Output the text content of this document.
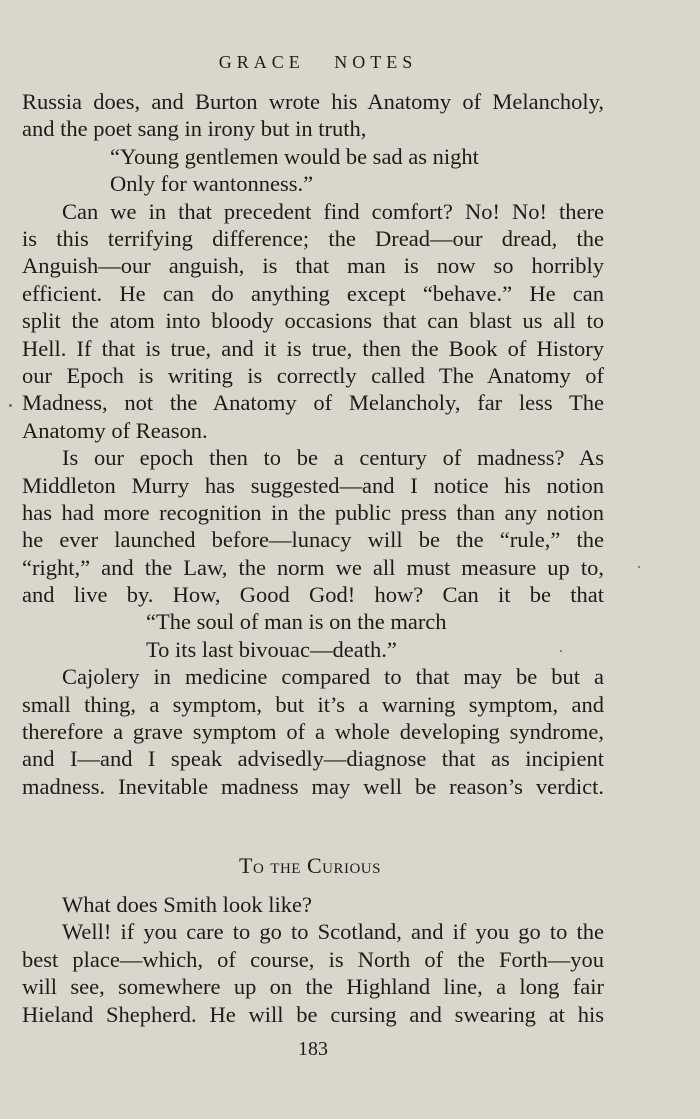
GRACE NOTES
Russia does, and Burton wrote his Anatomy of Melancholy,
and the poet sang in irony but in truth,
“Young gentlemen would be sad as night
Only for wantonness.”
Can we in that precedent find comfort? No! No! there
is this terrifying difference; the Dread—our dread, the
Anguish—our anguish, is that man is now so horribly
efficient. He can do anything except “behave.” He can
split the atom into bloody occasions that can blast us all to
Hell. If that is true, and it is true, then the Book of History
our Epoch is writing is correctly called The Anatomy of
Madness, not the Anatomy of Melancholy, far less The
Anatomy of Reason.
Is our epoch then to be a century of madness? As
Middleton Murry has suggested—and I notice his notion
has had more recognition in the public press than any notion
he ever launched before—lunacy will be the “rule,” the
“right,” and the Law, the norm we all must measure up to,
and live by. How, Good God! how? Can it be that
“The soul of man is on the march
To its last bivouac—death.”
Cajolery in medicine compared to that may be but a
small thing, a symptom, but it’s a warning symptom, and
therefore a grave symptom of a whole developing syndrome,
and I—and I speak advisedly—diagnose that as incipient
madness. Inevitable madness may well be reason’s verdict.
To the Curious
What does Smith look like?
Well! if you care to go to Scotland, and if you go to the
best place—which, of course, is North of the Forth—you
will see, somewhere up on the Highland line, a long fair
Hieland Shepherd. He will be cursing and swearing at his
183
